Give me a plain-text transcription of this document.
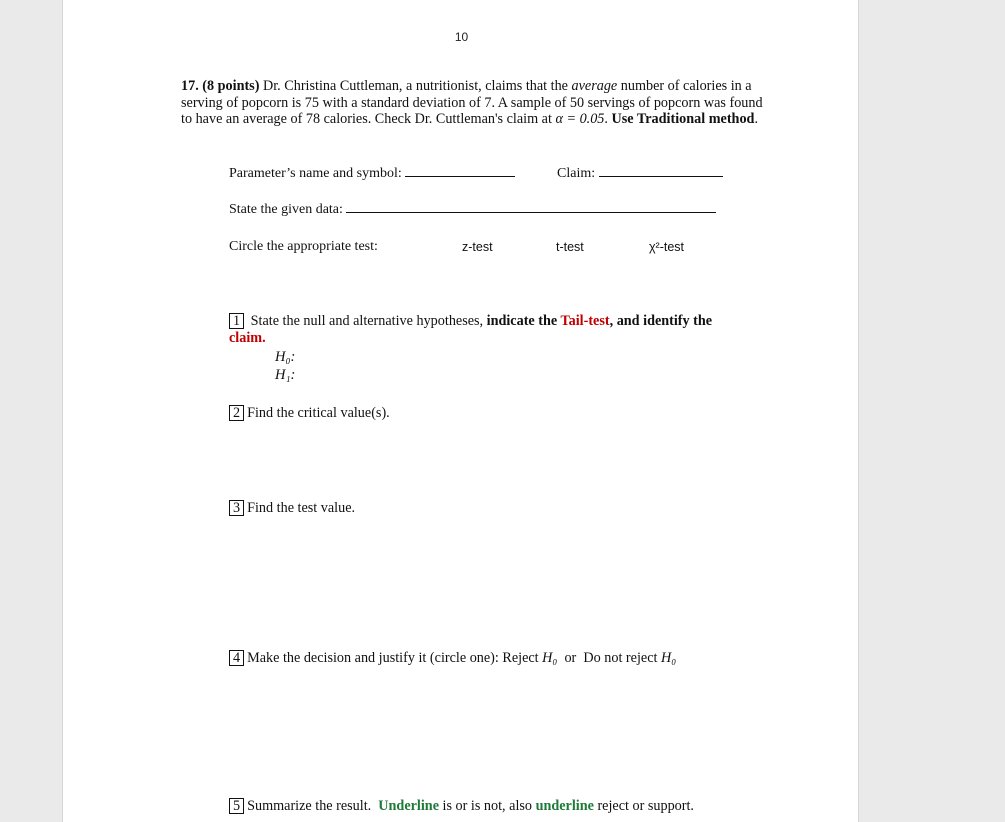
10
17. (8 points) Dr. Christina Cuttleman, a nutritionist, claims that the average number of calories in a serving of popcorn is 75 with a standard deviation of 7. A sample of 50 servings of popcorn was found to have an average of 78 calories. Check Dr. Cuttleman's claim at α = 0.05. Use Traditional method.
Parameter’s name and symbol:	Claim:
State the given data:
Circle the appropriate test:	z-test	t-test	χ²-test
1 State the null and alternative hypotheses, indicate the Tail-test, and identify the claim.
H₀:
H₁:
2 Find the critical value(s).
3 Find the test value.
4 Make the decision and justify it (circle one): Reject H₀  or  Do not reject H₀
5 Summarize the result.  Underline is or is not, also underline reject or support.
